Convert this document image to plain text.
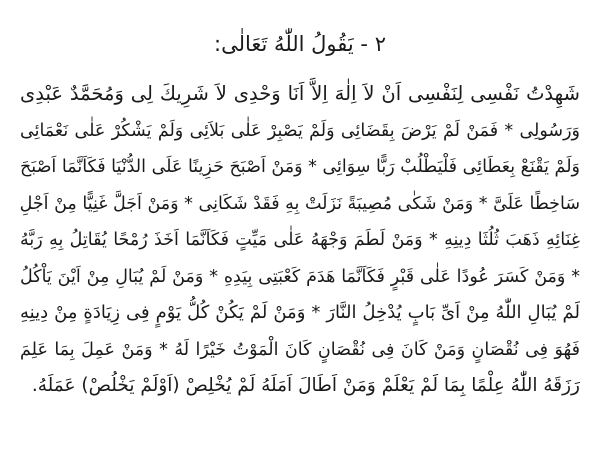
٢ - يَقُولُ اللّٰهُ تَعَالٰى:
شَهِدْتُ نَفْسِى لِنَفْسِى اَنْ لاَ اِلٰهَ اِلاَّ اَنَا وَحْدِى لاَ شَرِيكَ لِى وَمُحَمَّدٌ عَبْدِى
وَرَسُولِى * فَمَنْ لَمْ يَرْضَ بِقَضَائِى وَلَمْ يَصْبِرْ عَلٰى بَلاَئِى وَلَمْ يَشْكُرْ عَلٰى نَعْمَائِى
وَلَمْ يَقْنَعْ بِعَطَائِى فَلْيَطْلُبْ رَبًّا سِوَائِى * وَمَنْ اَصْبَحَ حَزِينًا عَلَى الدُّنْيَا فَكَاَنَّمَا اَصْبَحَ
سَاخِطًا عَلَىَّ * وَمَنْ شَكٰى مُصِيبَةً نَزَلَتْ بِهِ فَقَدْ شَكَانِى * وَمَنْ اَجَلَّ غَنِيًّا مِنْ اَجْلِ
غِنَائِهِ ذَهَبَ ثُلُثَا دِينِهِ * وَمَنْ لَطَمَ وَجْهَهُ عَلٰى مَيِّتٍ فَكَاَنَّمَا اَخَذَ رُمْحًا يُقَاتِلُ بِهِ رَبَّهُ
* وَمَنْ كَسَرَ عُودًا عَلٰى قَبْرٍ فَكَاَنَّمَا هَدَمَ كَعْبَتِى بِيَدِهِ * وَمَنْ لَمْ يُبَالِ مِنْ اَيْنَ يَاْكُلُ
لَمْ يُبَالِ اللّٰهُ مِنْ اَىِّ بَابٍ يُدْخِلُ النَّارَ * وَمَنْ لَمْ يَكُنْ كُلُّ يَوْمٍ فِى زِيَادَةٍ مِنْ دِينِهِ
فَهُوَ فِى نُقْصَانٍ وَمَنْ كَانَ فِى نُقْصَانٍ كَانَ الْمَوْتُ خَيْرًا لَهُ * وَمَنْ عَمِلَ بِمَا عَلِمَ
رَزَقَهُ اللّٰهُ عِلْمًا بِمَا لَمْ يَعْلَمْ وَمَنْ اَطَالَ اَمَلَهُ لَمْ يُخْلِصْ (اَوْلَمْ يَخْلُصْ) عَمَلَهُ.
